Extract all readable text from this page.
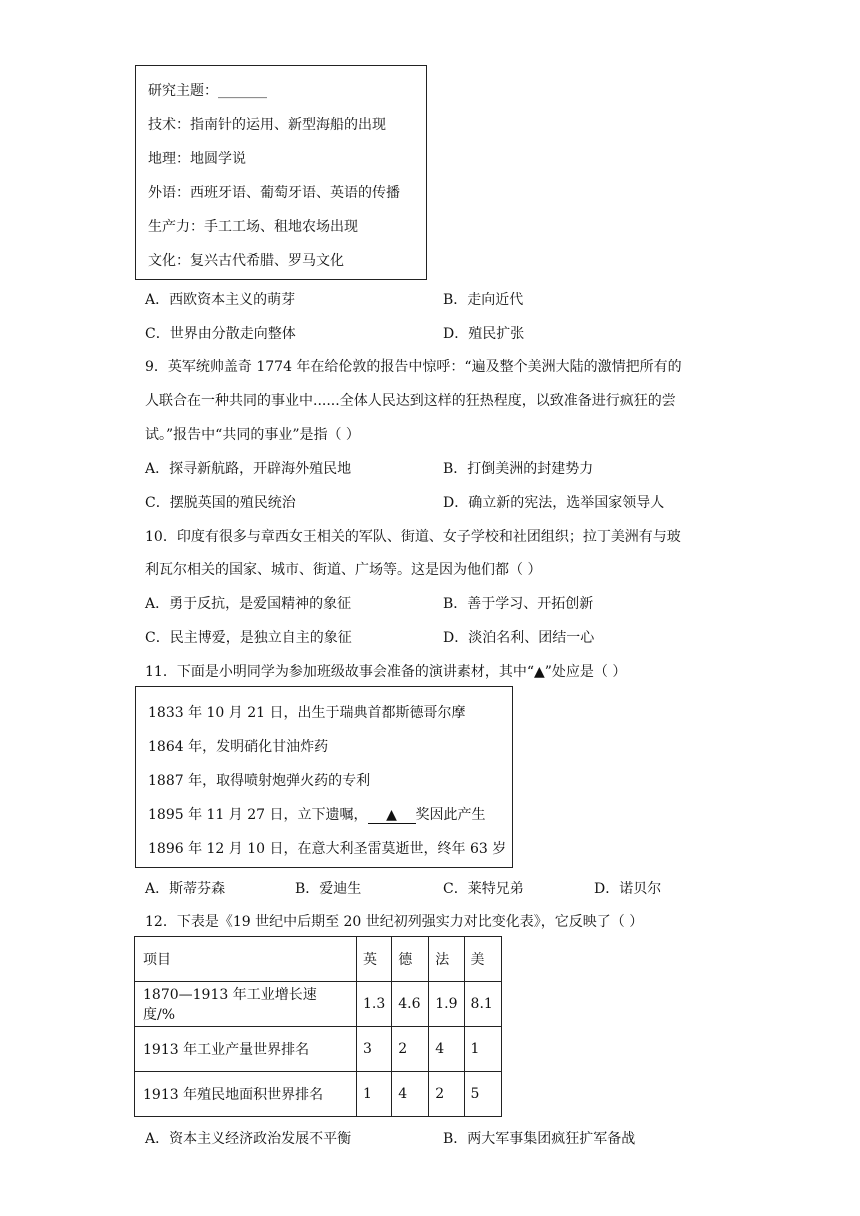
研究主题：_______
技术：指南针的运用、新型海船的出现
地理：地圆学说
外语：西班牙语、葡萄牙语、英语的传播
生产力：手工工场、租地农场出现
文化：复兴古代希腊、罗马文化
A．西欧资本主义的萌芽	B．走向近代
C．世界由分散走向整体	D．殖民扩张
9．英军统帅盖奇 1774 年在给伦敦的报告中惊呼：“遍及整个美洲大陆的激情把所有的
人联合在一种共同的事业中......全体人民达到这样的狂热程度，以致准备进行疯狂的尝
试。”报告中“共同的事业”是指（ ）
A．探寻新航路，开辟海外殖民地	B．打倒美洲的封建势力
C．摆脱英国的殖民统治	D．确立新的宪法，选举国家领导人
10．印度有很多与章西女王相关的军队、街道、女子学校和社团组织；拉丁美洲有与玻
利瓦尔相关的国家、城市、街道、广场等。这是因为他们都（ ）
A．勇于反抗，是爱国精神的象征	B．善于学习、开拓创新
C．民主博爱，是独立自主的象征	D．淡泊名利、团结一心
11．下面是小明同学为参加班级故事会准备的演讲素材，其中“▲”处应是（ ）
1833 年 10 月 21 日，出生于瑞典首都斯德哥尔摩
1864 年，发明硝化甘油炸药
1887 年，取得喷射炮弹火药的专利
1895 年 11 月 27 日，立下遗嘱， ▲ 奖因此产生
1896 年 12 月 10 日，在意大利圣雷莫逝世，终年 63 岁
A．斯蒂芬森	B．爱迪生	C．莱特兄弟	D．诺贝尔
12．下表是《19 世纪中后期至 20 世纪初列强实力对比变化表》，它反映了（ ）
项目	英	德	法	美
1870—1913 年工业增长速度/%	1.3	4.6	1.9	8.1
1913 年工业产量世界排名	3	2	4	1
1913 年殖民地面积世界排名	1	4	2	5
A．资本主义经济政治发展不平衡	B．两大军事集团疯狂扩军备战
